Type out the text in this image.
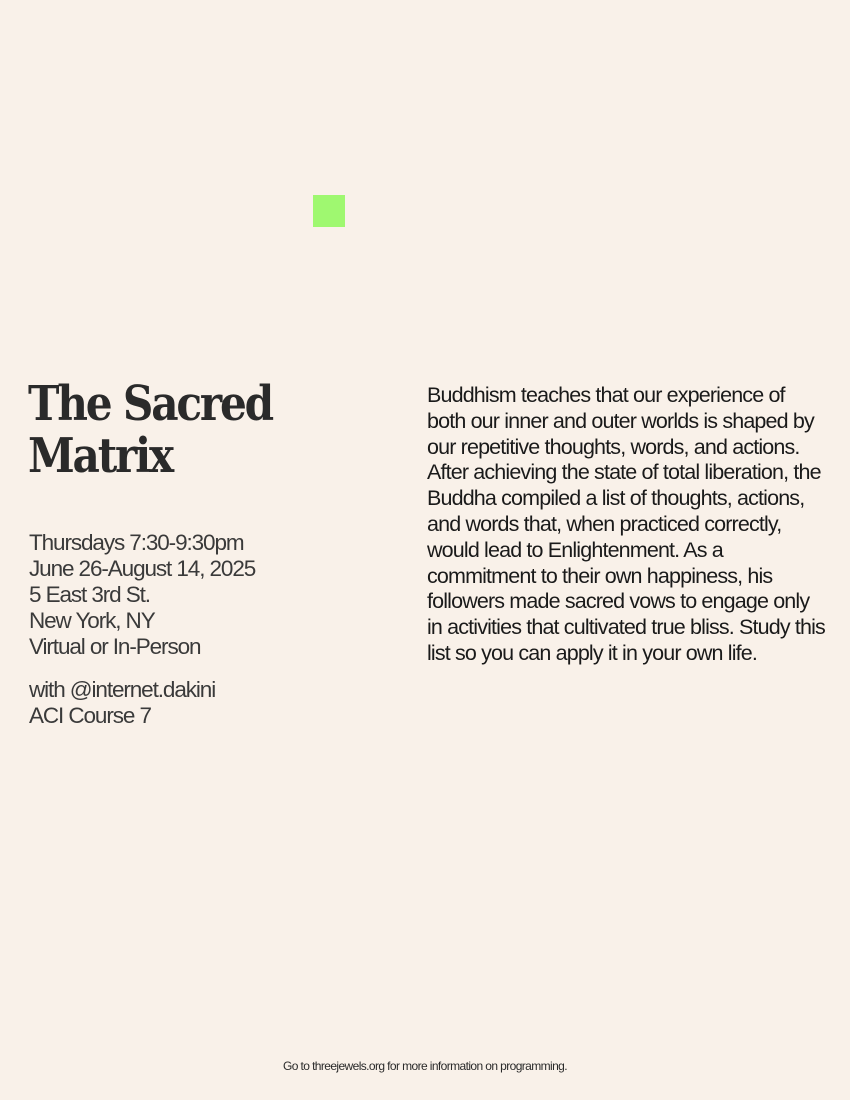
The Sacred
Matrix
Thursdays 7:30-9:30pm
June 26-August 14, 2025
5 East 3rd St.
New York, NY
Virtual or In-Person
with @internet.dakini
ACI Course 7

Buddhism teaches that our experience of both our inner and outer worlds is shaped by our repetitive thoughts, words, and actions.

After achieving the state of total liberation, the Buddha compiled a list of thoughts, actions, and words that, when practiced correctly, would lead to Enlightenment. As a commitment to their own happiness, his followers made sacred vows to engage only in activities that cultivated true bliss. Study this list so you can apply it in your own life.

Go to threejewels.org for more information on programming.
